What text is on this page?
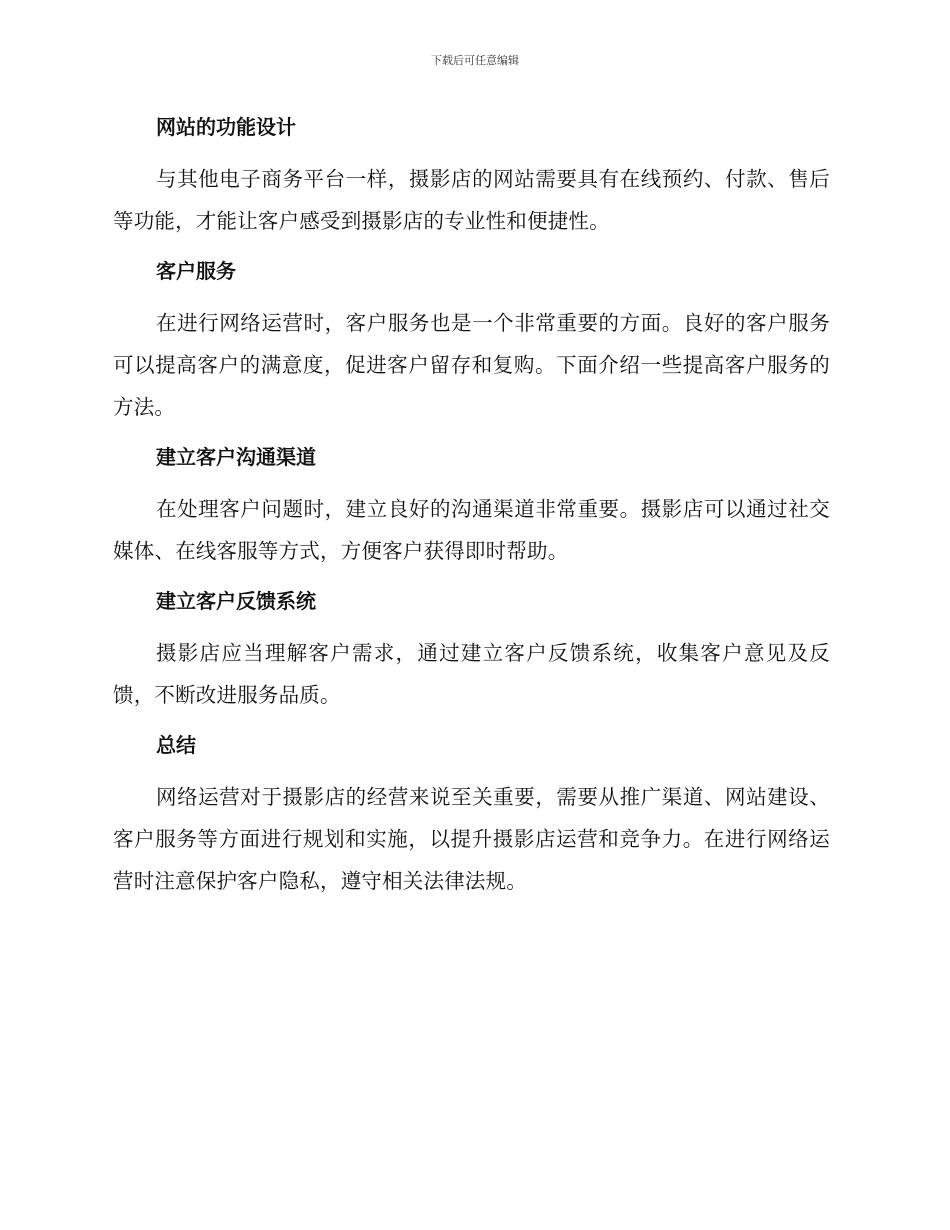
下载后可任意编辑
网站的功能设计

与其他电子商务平台一样，摄影店的网站需要具有在线预约、付款、售后等功能，才能让客户感受到摄影店的专业性和便捷性。

客户服务

在进行网络运营时，客户服务也是一个非常重要的方面。良好的客户服务可以提高客户的满意度，促进客户留存和复购。下面介绍一些提高客户服务的方法。

建立客户沟通渠道

在处理客户问题时，建立良好的沟通渠道非常重要。摄影店可以通过社交媒体、在线客服等方式，方便客户获得即时帮助。

建立客户反馈系统

摄影店应当理解客户需求，通过建立客户反馈系统，收集客户意见及反馈，不断改进服务品质。

总结

网络运营对于摄影店的经营来说至关重要，需要从推广渠道、网站建设、客户服务等方面进行规划和实施，以提升摄影店运营和竞争力。在进行网络运营时注意保护客户隐私，遵守相关法律法规。
